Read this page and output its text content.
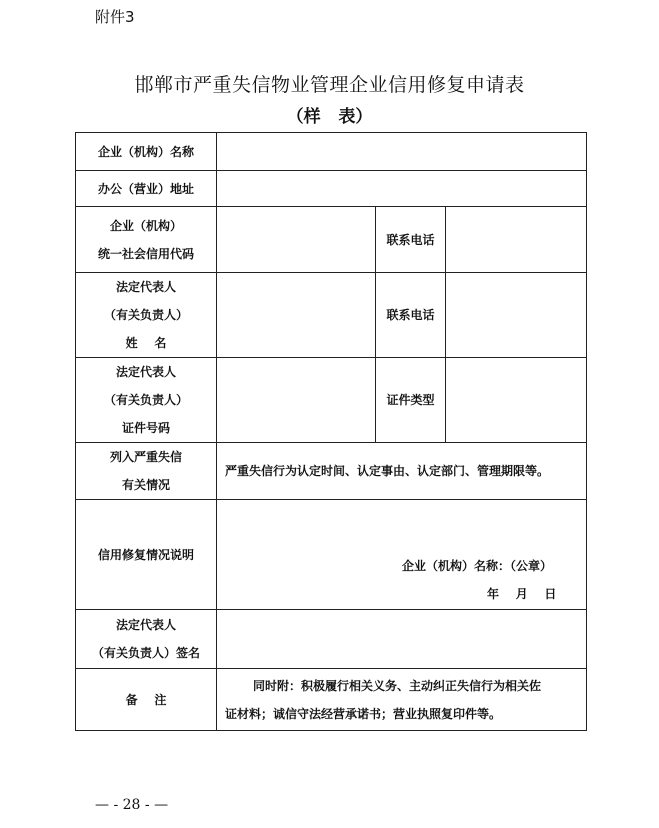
附件3
邯郸市严重失信物业管理企业信用修复申请表
（样   表）
企业（机构）名称			

办公（营业）地址			

企业（机构）
统一社会信用代码		联系电话	

法定代表人
（有关负责人）
姓    名		联系电话	

法定代表人
（有关负责人）
证件号码		证件类型	

列入严重失信
有关情况	严重失信行为认定时间、认定事由、认定部门、管理期限等。		

信用修复情况说明	企业（机构）名称：（公章）
年    月    日		

法定代表人
（有关负责人）签名			

备    注	同时附：积极履行相关义务、主动纠正失信行为相关佐
证材料；诚信守法经营承诺书；营业执照复印件等。		
— - 28 - —
